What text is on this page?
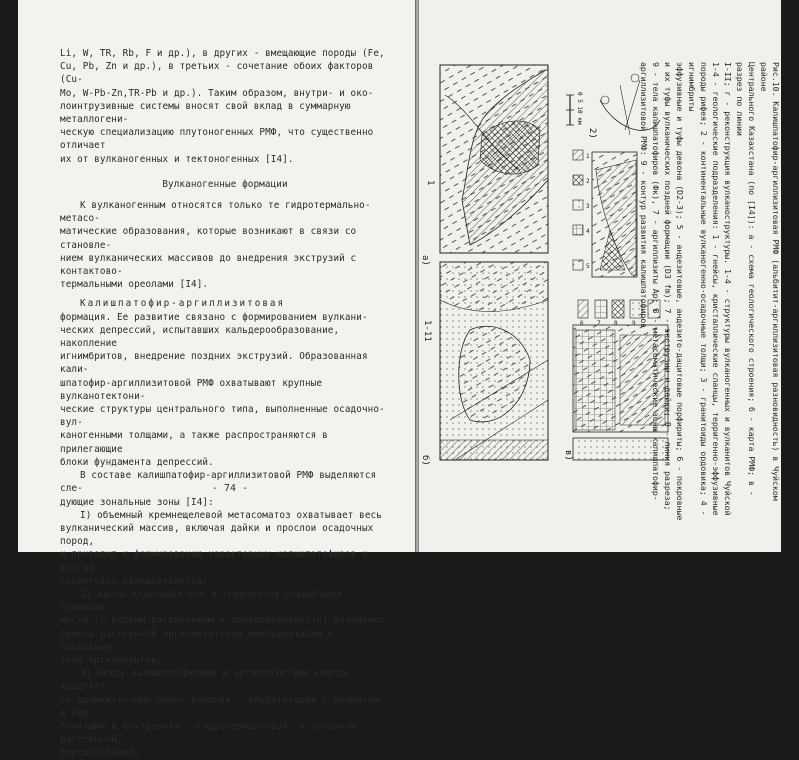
Li, W, TR, Rb, F и др.), в других - вмещающие породы (Fe,
Cu, Pb, Zn и др.), в третьих - сочетание обоих факторов (Cu-
Mo, W-Pb-Zn,TR-Pb и др.). Таким образом, внутри- и око-
лоинтрузивные системы вносят свой вклад в суммарную металлогени-
ческую специализацию плутоногенных РМФ, что существенно отличает
их от вулканогенных и тектоногенных [I4].

Вулканогенные формации

К вулканогенным относятся только те гидротермально-метасо-
матические образования, которые возникают в связи со становле-
нием вулканических массивов до внедрения экструзий с контактово-
термальными ореолами [I4].

Калишпатофир-аргиллизитовая
формация. Ее развитие связано с формированием вулкани-
ческих депрессий, испытавших кальдерообразование, накопление
игнимбритов, внедрение поздних экструзий. Образованная кали-
шпатофир-аргиллизитовой РМФ охватывают крупные вулканотектони-
ческие структуры центрального типа, выполненные осадочно-вул-
каногенными толщами, а также распространяются в прилегающие
блоки фундамента депрессий.

В составе калишпатофир-аргиллизитовой РМФ выделяются сле-
дующие зональные зоны [I4]:

I) объемный кремнещелевой метасоматоз охватывает весь
вулканический массив, включая дайки и прослои осадочных пород,
и приводит к формированию характерных калишпатофиров и других
хлоритовых калишпатолитов;

2) вдоль отдельных зон и горизонтов повышенной проницае-
мости (с редким расширением к палеоповерхности) возникают
ореолы рассеянной аргиллизитовой минерализации и локальные
тела аргиллизитов;

3) между калишпатофирами и аргиллизитами иногда выделяет-
ся промежуточные зоны: внешняя - альбитизации с хлоритом и кар-
бонатами и внутренняя - гидросерицитовой, в основном рассеянной,
березитизации;

- 74 -
а)
б)	в)
2)
1
1-11
0 5 10 км
1
2
3
4
5
6 7 8 9	Рис.10. Калишпатофир-аргиллизитовая РМФ (альбитит-аргиллизитовая разновидность) в Чуйском районе
Центрального Казахстана (по [I4]): а - схема геологического строения; б - карта РМФ; в - разрез по линии
I-II; г - реконструкция вулканоструктуры. 1-4 - структуры вулканогенных и вулканитов Чуйской
1-4 - геологические подразделения: 1 - гнейсы, кристаллические сланцы, терригенно-эффузивные
породы рифея; 2 - континентальные вулканогенно-осадочные толщи; 3 - гранитоиды ордовика; 4 - игнимбриты
эффузивные и туфы девона (D2-3); 5 - андезитовые, андезито-дацитовые порфириты; 6 - покровные
и их туфы вулканических поздней формации (D3 fm); 7 - экструзии и дайки; 8 - линия разреза;
9 - тела калишпатофиров (Фк), 7 - аргиллизиты Ар; 8 - метасоматические зоны калишпатофир-
аргиллизитовой РМФ: 9 - контур развития калишпатофиров
